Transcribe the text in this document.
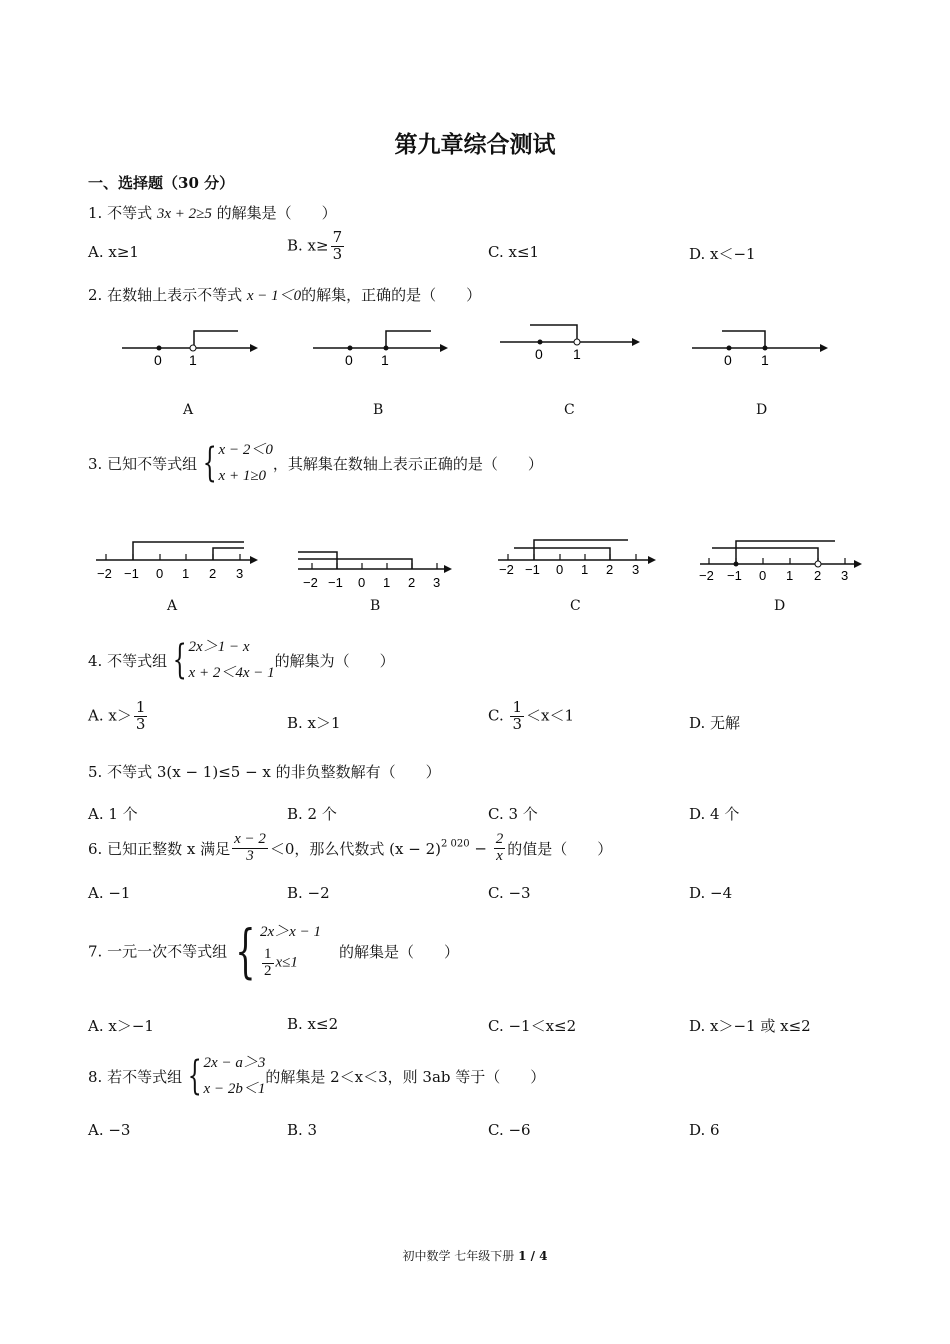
第九章综合测试
一、选择题（30 分）
1. 不等式 3x + 2≥5 的解集是（　　）
A. x≥1	B. $x\ge \frac{7}{3}$	C. x≤1	D. x＜−1
2. 在数轴上表示不等式 x − 1＜0的解集，正确的是（　　）
0 1	0 1	0 1	0 1
A	B	C	D
3. 已知不等式组 { x − 2＜0
x + 1≥0
，其解集在数轴上表示正确的是（　　）
−2 −1 0 1 2 3
−2 −1 0 1 2 3
−2 −1 0 1 2 3	−2 −1 0 1 2 3
A	B	C	D
4. 不等式组 { 2x＞1 − x
x + 2＜4x − 1
的解集为（　　）
A. $x> \frac{1}{3}$	B. x＞1	C. $\frac{1}{3} <x<1$	D. 无解
5. 不等式 3(x − 1)≤5 − x 的非负整数解有（　　）
A. 1 个	B. 2 个	C. 3 个	D. 4 个
6. 已知正整数 x 满足 $\frac{x - 2}{3} <0$，那么代数式 $(x - 2)^{2 020} - \frac{2}{x}$ 的值是（　　）
A. −1	B. −2	C. −3	D. −4
7. 一元一次不等式组 { 2x＞x − 1
$\frac{1}{2} x\le 1$
的解集是（　　）
A. x＞−1	B. x≤2	C. −1＜x≤2	D. x＞−1 或 x≤2
8. 若不等式组 { 2x − a＞3
x − 2b＜1
的解集是 2＜x＜3，则 3ab 等于（　　）
A. −3	B. 3	C. −6	D. 6
初中数学 七年级下册 1 / 4
